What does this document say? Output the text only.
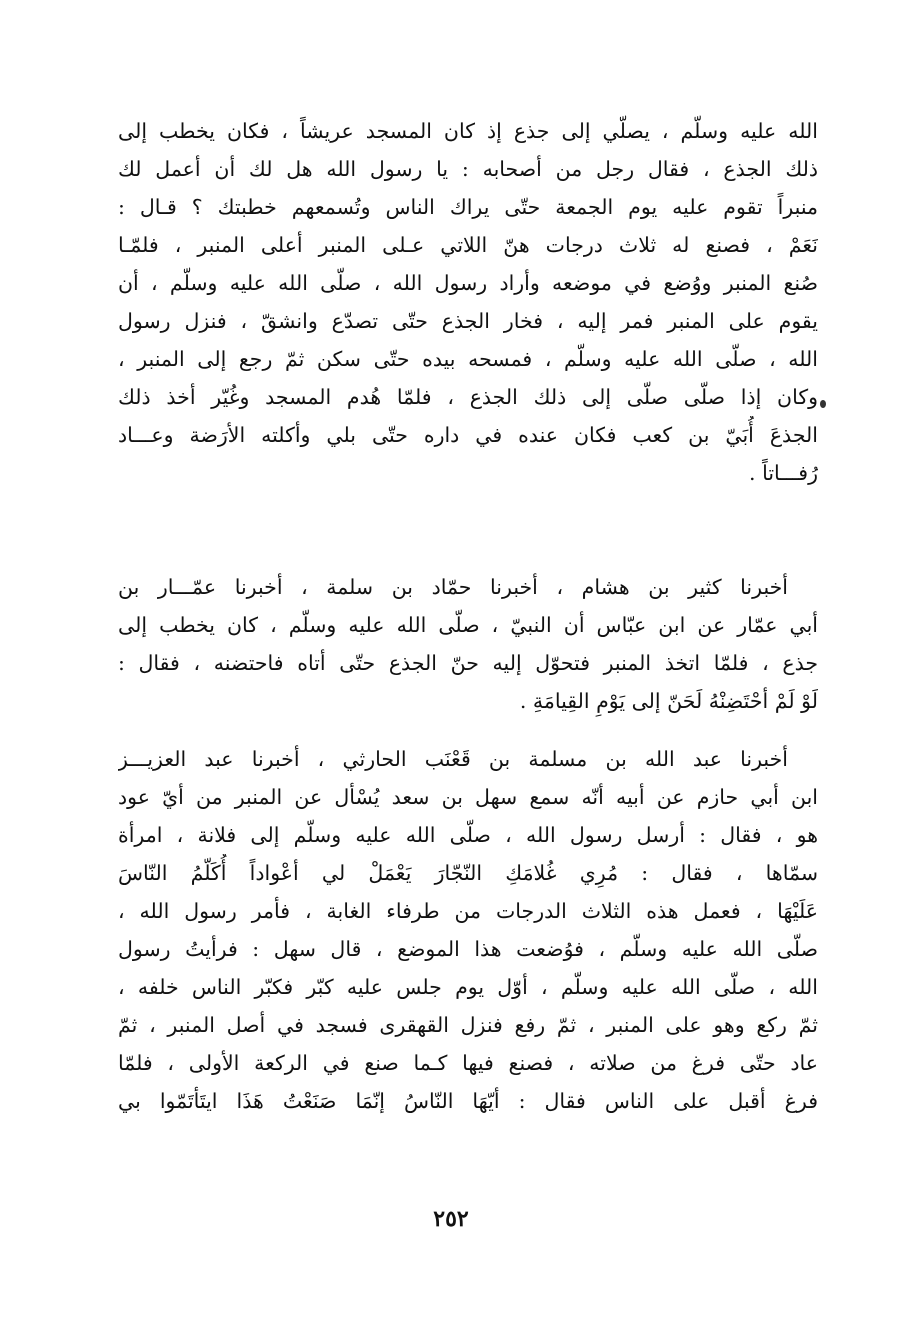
الله عليه وسلّم ، يصلّي إلى جذع إذ كان المسجد عريشاً ، فكان يخطب إلى
ذلك الجذع ، فقال رجل من أصحابه : يا رسول الله هل لك أن أعمل لك
منبراً تقوم عليه يوم الجمعة حتّى يراك الناس وتُسمعهم خطبتك ؟ قـال :
نَعَمْ ، فصنع له ثلاث درجات هنّ اللاتي عـلى المنبر أعلى المنبر ، فلمّـا
صُنع المنبر ووُضع في موضعه وأراد رسول الله ، صلّى الله عليه وسلّم ، أن
يقوم على المنبر فمر إليه ، فخار الجذع حتّى تصدّع وانشقّ ، فنزل رسول
الله ، صلّى الله عليه وسلّم ، فمسحه بيده حتّى سكن ثمّ رجع إلى المنبر ،
وكان إذا صلّى صلّى إلى ذلك الجذع ، فلمّا هُدم المسجد وغُيّر أخذ ذلك
الجذعَ أُبَيّ بن كعب فكان عنده في داره حتّى بلي وأكلته الأرَضة وعـــاد
رُفـــاتاً .
أخبرنا كثير بن هشام ، أخبرنا حمّاد بن سلمة ، أخبرنا عمّـــار بن
أبي عمّار عن ابن عبّاس أن النبيّ ، صلّى الله عليه وسلّم ، كان يخطب إلى
جذع ، فلمّا اتخذ المنبر فتحوّل إليه حنّ الجذع حتّى أتاه فاحتضنه ، فقال :
لَوْ لَمْ أحْتَضِنْهُ لَحَنّ إلى يَوْمِ القِيامَةِ .
أخبرنا عبد الله بن مسلمة بن قَعْنَب الحارثي ، أخبرنا عبد العزيـــز
ابن أبي حازم عن أبيه أنّه سمع سهل بن سعد يُسْأل عن المنبر من أيّ عود
هو ، فقال : أرسل رسول الله ، صلّى الله عليه وسلّم إلى فلانة ، امرأة
سمّاها ، فقال : مُرِي غُلامَكِ النّجّارَ يَعْمَلْ لي أعْواداً أُكَلّمُ النّاسَ
عَلَيْهَا ، فعمل هذه الثلاث الدرجات من طرفاء الغابة ، فأمر رسول الله ،
صلّى الله عليه وسلّم ، فوُضعت هذا الموضع ، قال سهل : فرأيتُ رسول
الله ، صلّى الله عليه وسلّم ، أوّل يوم جلس عليه كبّر فكبّر الناس خلفه ،
ثمّ ركع وهو على المنبر ، ثمّ رفع فنزل القهقرى فسجد في أصل المنبر ، ثمّ
عاد حتّى فرغ من صلاته ، فصنع فيها كـما صنع في الركعة الأولى ، فلمّا
فرغ أقبل على الناس فقال : أيّهَا النّاسُ إنّمَا صَنَعْتُ هَذَا ايتَأتَمّوا بي
٢٥٢
